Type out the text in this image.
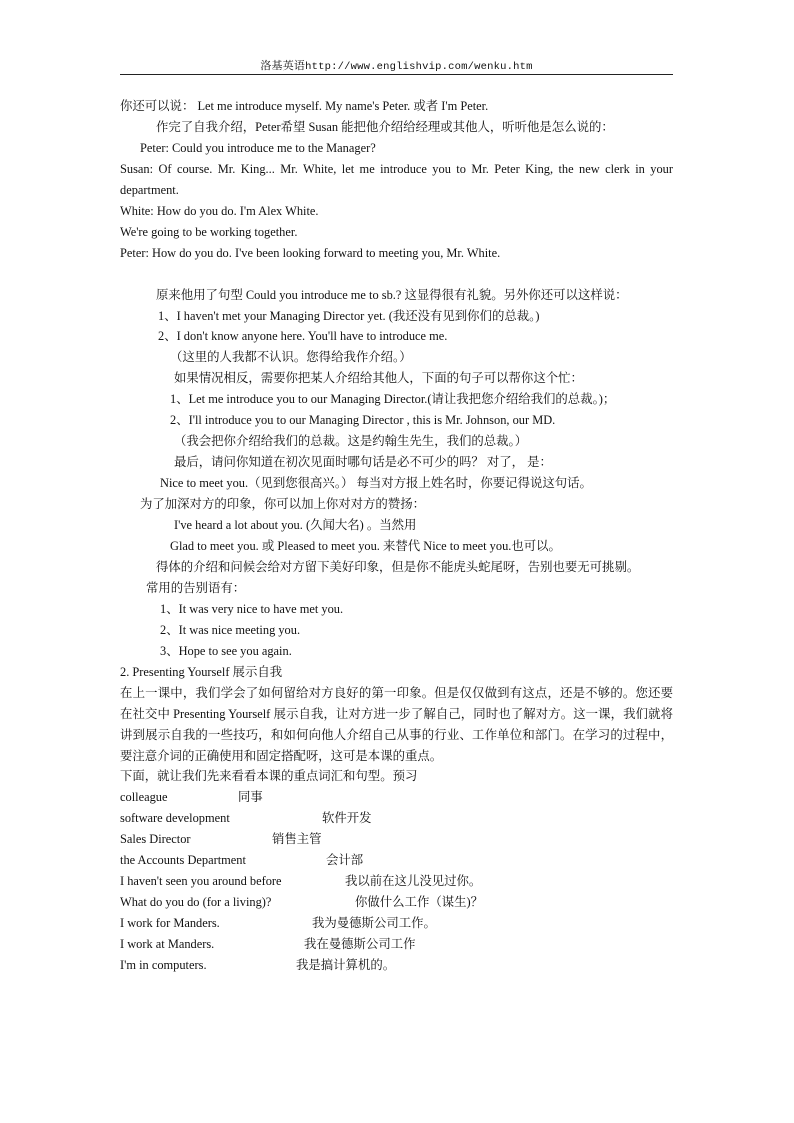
洛基英语http://www.englishvip.com/wenku.htm
你还可以说： Let me introduce myself. My name's Peter. 或者 I'm Peter.
作完了自我介绍，Peter希望 Susan 能把他介绍给经理或其他人，听听他是怎么说的：
Peter: Could you introduce me to the Manager?
Susan: Of course. Mr. King... Mr. White, let me introduce you to Mr. Peter King, the new clerk in your department.
White: How do you do. I'm Alex White.
We're going to be working together.
Peter: How do you do. I've been looking forward to meeting you, Mr. White.
原来他用了句型 Could you introduce me to sb.? 这显得很有礼貌。另外你还可以这样说：
1、I haven't met your Managing Director yet. (我还没有见到你们的总裁。)
2、I don't know anyone here. You'll have to introduce me.
（这里的人我都不认识。您得给我作介绍。）
如果情况相反，需要你把某人介绍给其他人，下面的句子可以帮你这个忙：
1、Let me introduce you to our Managing Director.(请让我把您介绍给我们的总裁。)；
2、I'll introduce you to our Managing Director , this is Mr. Johnson, our MD.
（我会把你介绍给我们的总裁。这是约翰生先生，我们的总裁。）
最后，请问你知道在初次见面时哪句话是必不可少的吗？ 对了， 是：
Nice to meet you.（见到您很高兴。） 每当对方报上姓名时，你要记得说这句话。
为了加深对方的印象，你可以加上你对对方的赞扬：
I've heard a lot about you. (久闻大名) 。当然用
Glad to meet you. 或 Pleased to meet you. 来替代 Nice to meet you.也可以。
得体的介绍和问候会给对方留下美好印象，但是你不能虎头蛇尾呀，告别也要无可挑剔。
常用的告别语有：
1、It was very nice to have met you.
2、It was nice meeting you.
3、Hope to see you again.
2. Presenting Yourself 展示自我
在上一课中，我们学会了如何留给对方良好的第一印象。但是仅仅做到有这点，还是不够的。您还要在社交中 Presenting Yourself 展示自我，让对方进一步了解自己，同时也了解对方。这一课，我们就将讲到展示自我的一些技巧，和如何向他人介绍自己从事的行业、工作单位和部门。在学习的过程中，要注意介词的正确使用和固定搭配呀，这可是本课的重点。
下面，就让我们先来看看本课的重点词汇和句型。预习
colleague	同事
software development	软件开发
Sales Director	销售主管
the Accounts Department	会计部
I haven't seen you around before	我以前在这儿没见过你。
What do you do (for a living)?	你做什么工作（谋生)？
I work for Manders.	我为曼德斯公司工作。
I work at Manders.	我在曼德斯公司工作
I'm in computers.	我是搞计算机的。
